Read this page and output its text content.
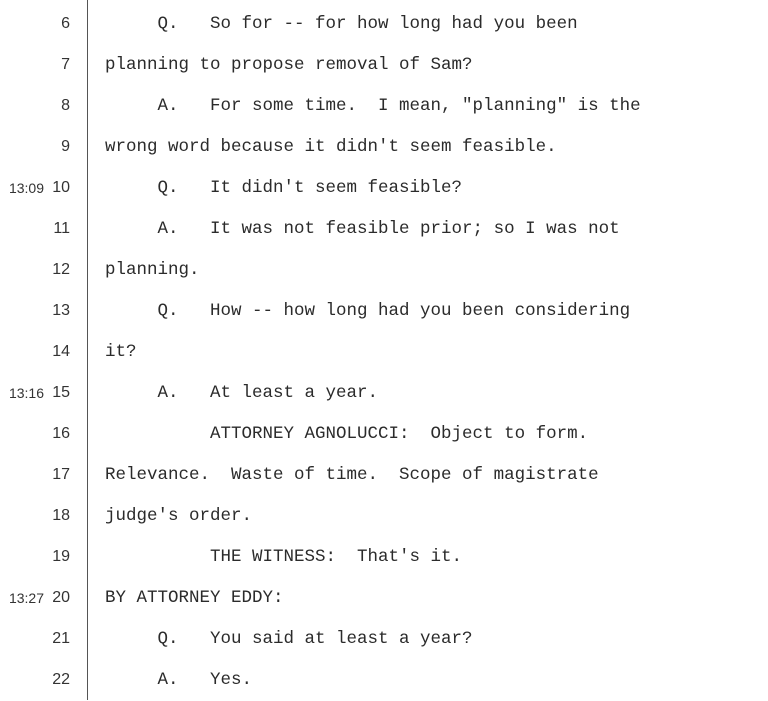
6 Q.   So for -- for how long had you been
7 planning to propose removal of Sam?
8 A.   For some time.  I mean, "planning" is the
9 wrong word because it didn't seem feasible.
13:09 10 Q.   It didn't seem feasible?
11 A.   It was not feasible prior; so I was not
12 planning.
13 Q.   How -- how long had you been considering
14 it?
13:16 15 A.   At least a year.
16 ATTORNEY AGNOLUCCI:  Object to form.
17 Relevance.  Waste of time.  Scope of magistrate
18 judge's order.
19 THE WITNESS:  That's it.
13:27 20 BY ATTORNEY EDDY:
21 Q.   You said at least a year?
22 A.   Yes.
